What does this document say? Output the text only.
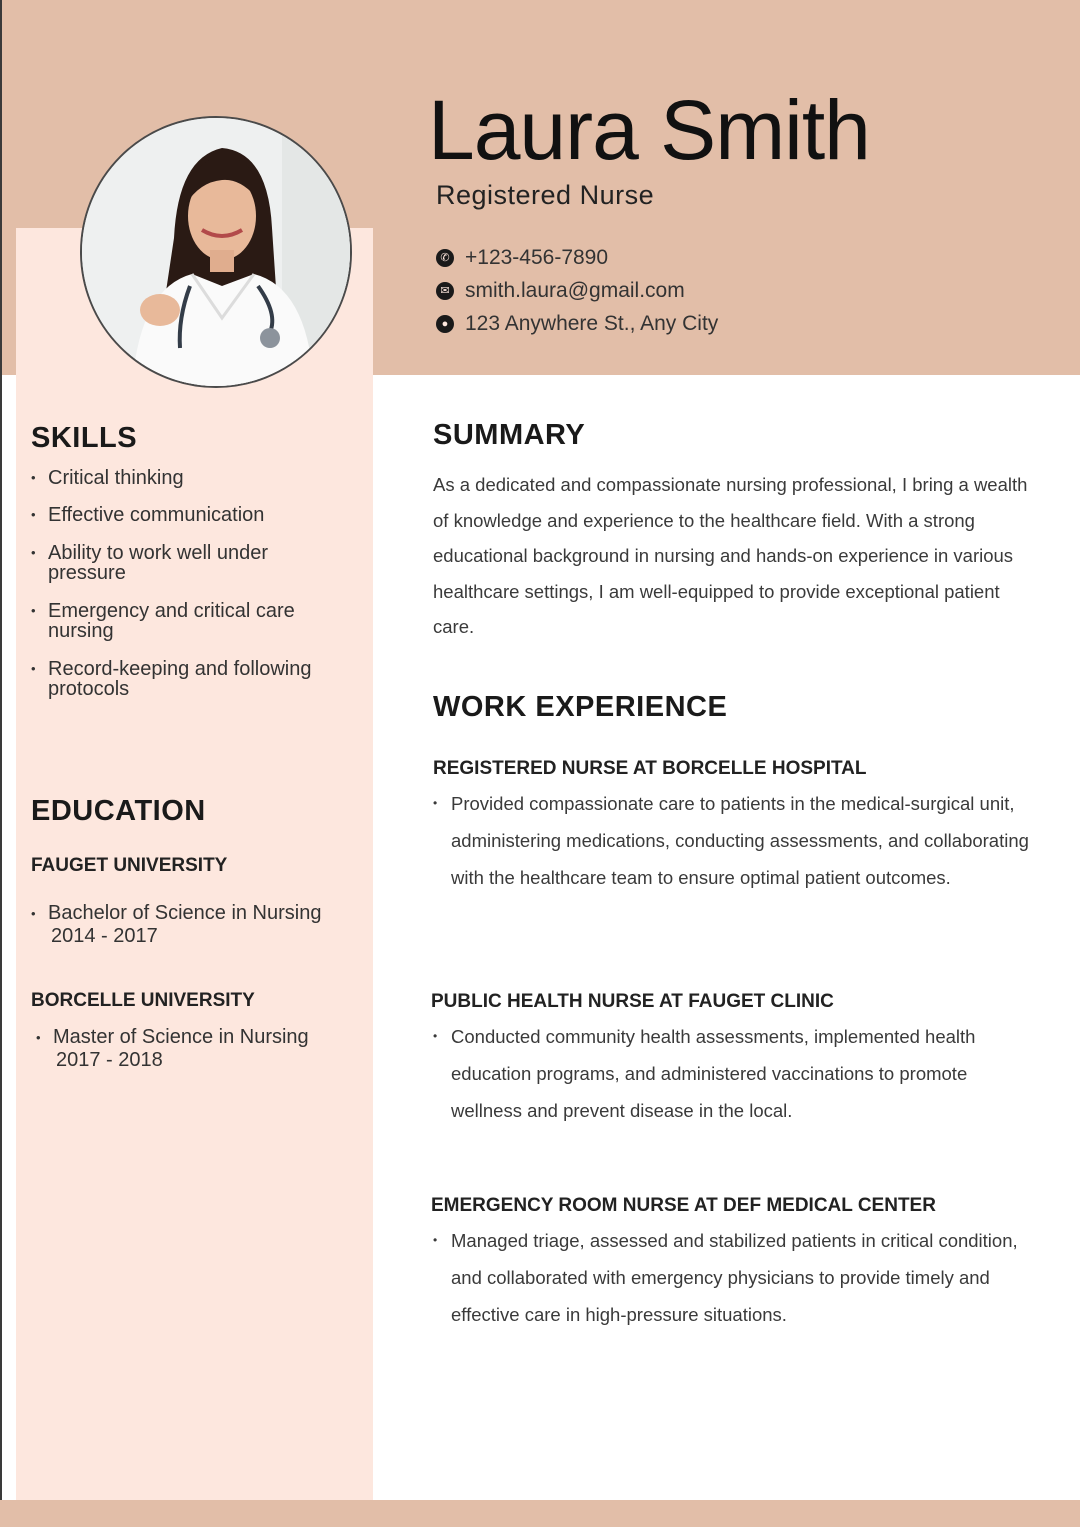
Laura Smith
Registered Nurse
✆ +123-456-7890
✉ smith.laura@gmail.com
● 123 Anywhere St., Any City
SKILLS
• Critical thinking
• Effective communication
• Ability to work well under pressure
• Emergency and critical care nursing
• Record-keeping and following protocols
EDUCATION
FAUGET UNIVERSITY
• Bachelor of Science in Nursing
2014 - 2017
BORCELLE UNIVERSITY
• Master of Science in Nursing
2017 - 2018
SUMMARY

As a dedicated and compassionate nursing professional, I bring a wealth of knowledge and experience to the healthcare field. With a strong educational background in nursing and hands-on experience in various healthcare settings, I am well-equipped to provide exceptional patient care.

WORK EXPERIENCE
REGISTERED NURSE AT BORCELLE HOSPITAL

• Provided compassionate care to patients in the medical-surgical unit, administering medications, conducting assessments, and collaborating with the healthcare team to ensure optimal patient outcomes.

PUBLIC HEALTH NURSE AT FAUGET CLINIC

• Conducted community health assessments, implemented health education programs, and administered vaccinations to promote wellness and prevent disease in the local.

EMERGENCY ROOM NURSE AT DEF MEDICAL CENTER

• Managed triage, assessed and stabilized patients in critical condition, and collaborated with emergency physicians to provide timely and effective care in high-pressure situations.
